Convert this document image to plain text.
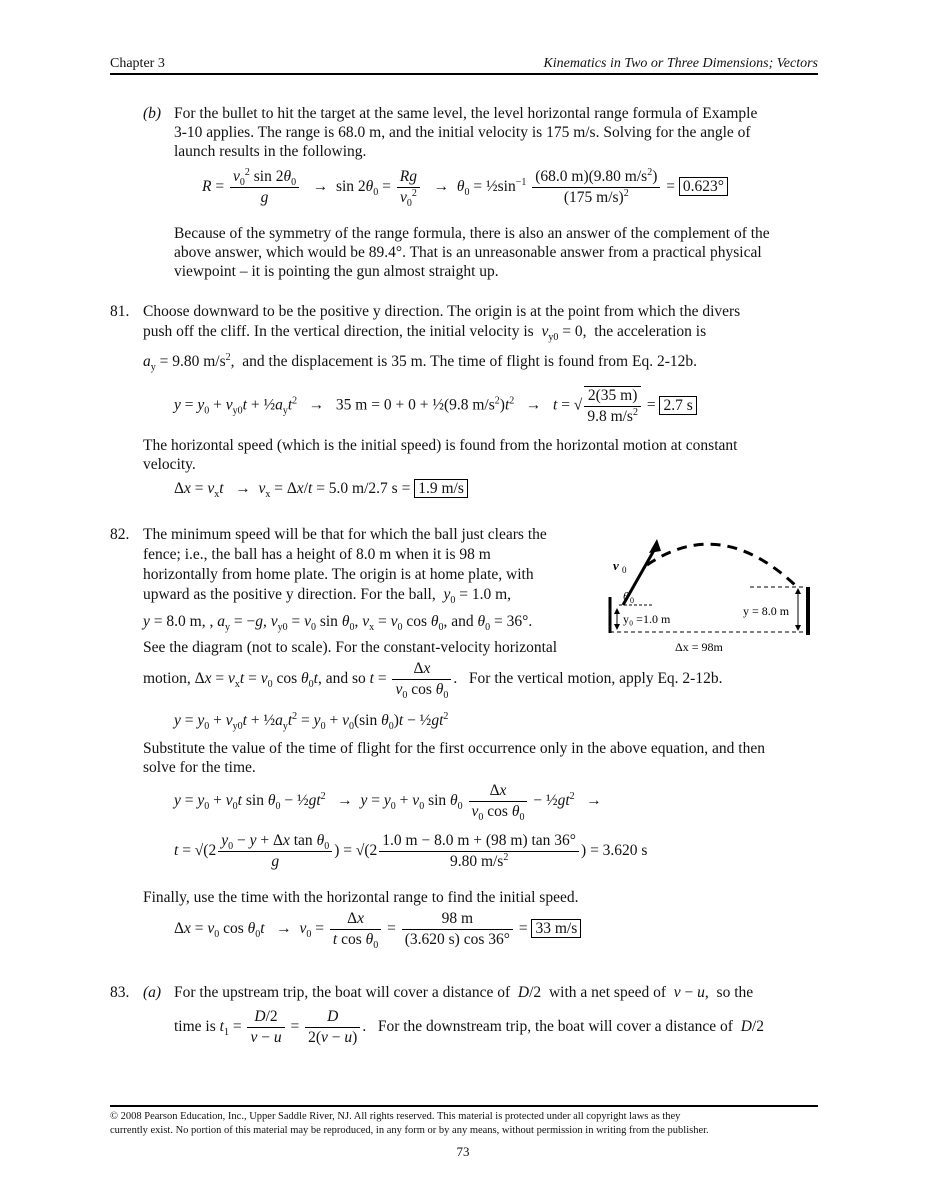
Chapter 3	Kinematics in Two or Three Dimensions; Vectors
(b) For the bullet to hit the target at the same level, the level horizontal range formula of Example
3-10 applies. The range is 68.0 m, and the initial velocity is 175 m/s. Solving for the angle of
launch results in the following.
$R = \frac{v_0^2 \sin 2\theta_0}{g} \to \sin 2\theta_0 = \frac{Rg}{v_0^2} \to \theta_0$ = $\frac{1}{2}\sin^{-1} \frac{(68.0 m)(9.80 m/s^2)}{(175 m/s)^2} = 0.623^\circ$
Because of the symmetry of the range formula, there is also an answer of the complement of the
above answer, which would be 89.4°. That is an unreasonable answer from a practical physical
viewpoint – it is pointing the gun almost straight up.
81. Choose downward to be the positive y direction. The origin is at the point from which the divers
push off the cliff. In the vertical direction, the initial velocity is  $v_{y0} = 0$,  the acceleration is
$a_y = 9.80$ $m/s^2$,  and the displacement is 35 m. The time of flight is found from Eq. 2-12b.
$y = y_0 + v_{y0}t$ + $\frac{1}{2}a_yt^2 \to 35$ m = 0 + 0 + ½(9.8 $m/s^2)t^2 \to t$ = √ $\frac{2(35 m)}{9.8 m/s^2} = 2.7$ s
The horizontal speed (which is the initial speed) is found from the horizontal motion at constant
velocity.
$\Delta x = v_xt \to v_x = \Delta x/t = 5.0$ m/2.7 s = 1.9 m/s
82. The minimum speed will be that for which the ball just clears the
fence; i.e., the ball has a height of 8.0 m when it is 98 m
horizontally from home plate. The origin is at home plate, with
upward as the positive y direction. For the ball, $y_0 = 1.0$ m,
y = 8.0 m, , $a_y = -g$, $v_{y0} = v_0$ $\sin \theta_0$, $v_x = v_0$ $\cos \theta_0$, and $\theta_0 = 36^\circ$.
See the diagram (not to scale). For the constant-velocity horizontal
motion, $\Delta x = v_xt = v_0$ $\cos \theta_0t$, and so $t = \frac{\Delta x}{v_0 \cos \theta_0}$ .   For the vertical motion, apply Eq. 2-12b.
$y = y_0 + v_{y0}t$ + $\frac{1}{2}a_yt^2 = y_0 + v_0(\sin$ $\theta_0)t$ − $\frac{1}{2}gt^2$
Substitute the value of the time of flight for the first occurrence only in the above equation, and then
solve for the time.
$y = y_0 + v_0t$ $\sin \theta_0$ − $\frac{1}{2}gt^2 \to y = y_0 + v_0$ $\sin \theta_0 \frac{\Delta x}{v_0 \cos \theta_0}$ − $\frac{1}{2}gt^2$   →
$t = √(2 \frac{y_0 - y + \Delta x \tan \theta_0}{g}$ ) = $√(2 \frac{1.0 m - 8.0 m + (98 m) \tan 36^\circ}{9.80 m/s^2}$ ) = 3.620 s
Finally, use the time with the horizontal range to find the initial speed.
$\Delta x = v_0$ $\cos \theta_0t \to v_0 = \frac{\Delta x}{t \cos \theta_0} = \frac{98 m}{(3.620 s) \cos 36^\circ} = 33$ m/s
v 0
θ 0
y₀ =1.0 m
y = 8.0 m
Δx = 98m
83. (a) For the upstream trip, the boat will cover a distance of D/2  with a net speed of v − u,  so the
time is $t_1 = \frac{D/2}{v - u} = \frac{D}{2(v - u)}$ .   For the downstream trip, the boat will cover a distance of D/2
© 2008 Pearson Education, Inc., Upper Saddle River, NJ. All rights reserved. This material is protected under all copyright laws as they
currently exist. No portion of this material may be reproduced, in any form or by any means, without permission in writing from the publisher.
73
